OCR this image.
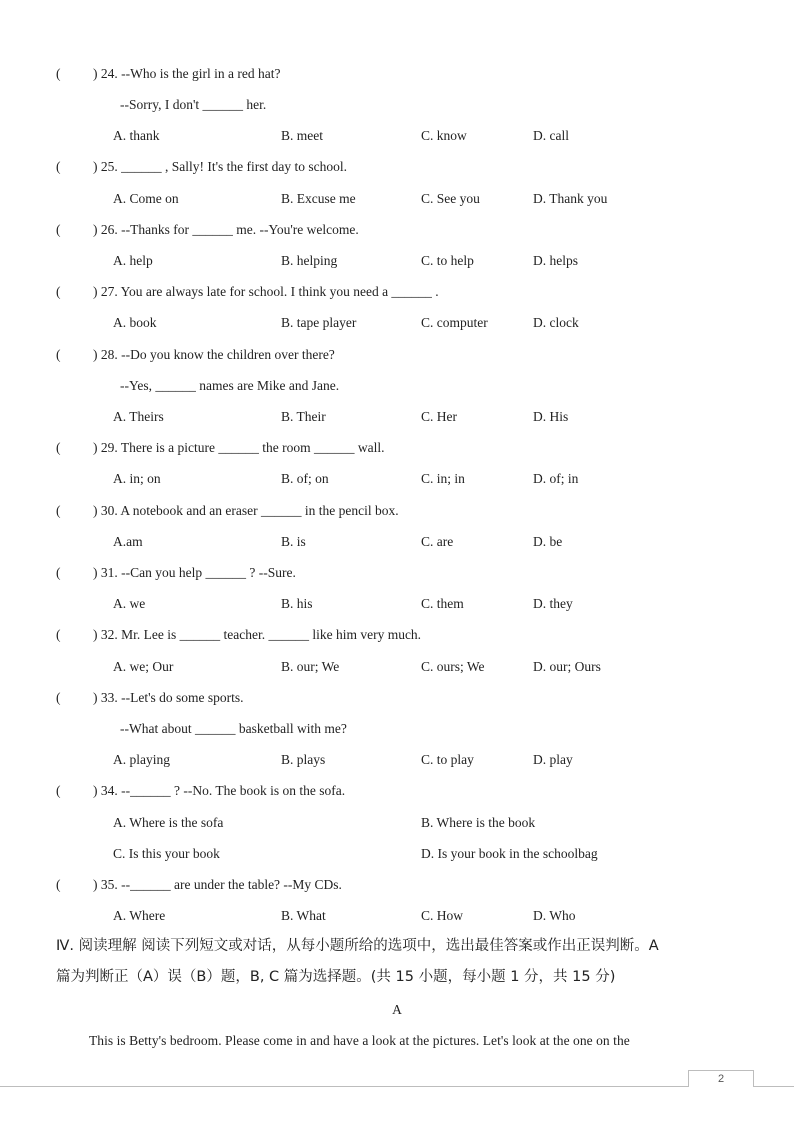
( ) 24. --Who is the girl in a red hat?
--Sorry, I don't ______ her.
A. thank	B. meet	C. know	D. call
( ) 25. ______ , Sally! It's the first day to school.
A. Come on	B. Excuse me	C. See you	D. Thank you
( ) 26. --Thanks for ______ me. --You're welcome.
A. help	B. helping	C. to help	D. helps
( ) 27. You are always late for school. I think you need a ______ .
A. book	B. tape player	C. computer	D. clock
( ) 28. --Do you know the children over there?
--Yes, ______ names are Mike and Jane.
A. Theirs	B. Their	C. Her	D. His
( ) 29. There is a picture ______ the room ______ wall.
A. in; on	B. of; on	C. in; in	D. of; in
( ) 30. A notebook and an eraser ______ in the pencil box.
A.am	B. is	C. are	D. be
( ) 31. --Can you help ______ ? --Sure.
A. we	B. his	C. them	D. they
( ) 32. Mr. Lee is ______ teacher. ______ like him very much.
A. we; Our	B. our; We	C. ours; We	D. our; Ours
( ) 33. --Let's do some sports.
--What about ______ basketball with me?
A. playing	B. plays	C. to play	D. play
( ) 34. --______ ? --No. The book is on the sofa.
A. Where is the sofa	B. Where is the book
C. Is this your book	D. Is your book in the schoolbag
( ) 35. --______ are under the table? --My CDs.
A. Where	B. What	C. How	D. Who
Ⅳ. 阅读理解 阅读下列短文或对话，从每小题所给的选项中，选出最佳答案或作出正误判断。A
篇为判断正（A）误（B）题，B, C 篇为选择题。(共 15 小题，每小题 1 分，共 15 分)
A
This is Betty's bedroom. Please come in and have a look at the pictures. Let's look at the one on the
2
